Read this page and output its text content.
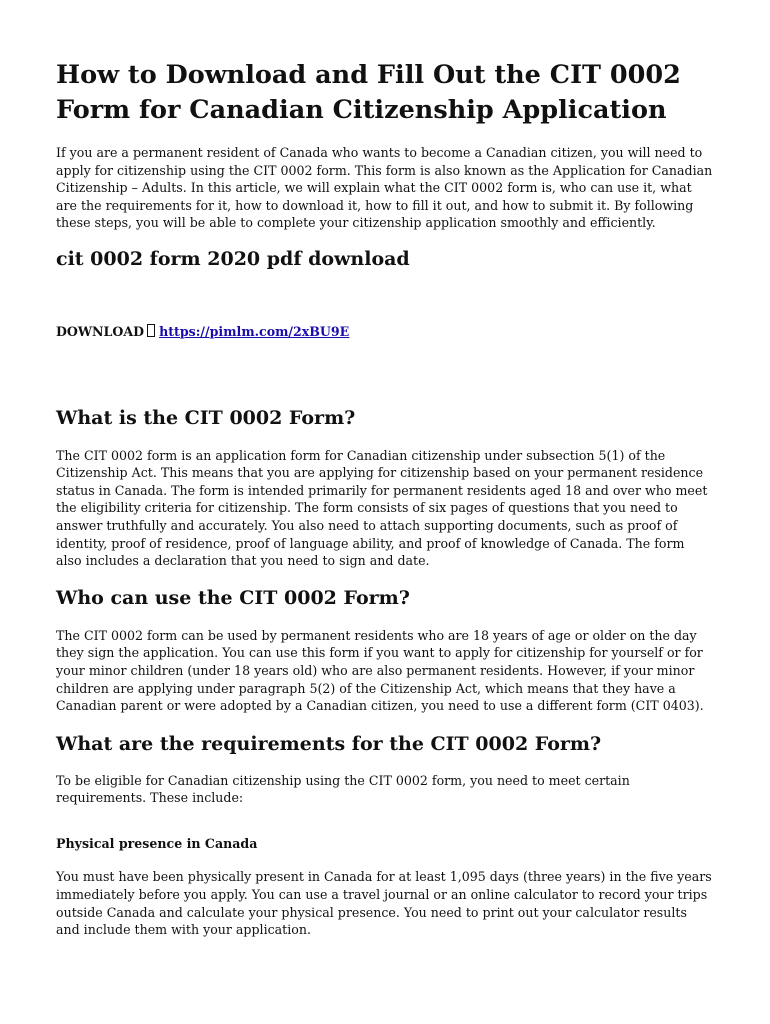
How to Download and Fill Out the CIT 0002 Form for Canadian Citizenship Application

If you are a permanent resident of Canada who wants to become a Canadian citizen, you will need to apply for citizenship using the CIT 0002 form. This form is also known as the Application for Canadian Citizenship – Adults. In this article, we will explain what the CIT 0002 form is, who can use it, what are the requirements for it, how to download it, how to fill it out, and how to submit it. By following these steps, you will be able to complete your citizenship application smoothly and efficiently.

cit 0002 form 2020 pdf download
DOWNLOAD https://pimlm.com/2xBU9E
What is the CIT 0002 Form?

The CIT 0002 form is an application form for Canadian citizenship under subsection 5(1) of the Citizenship Act. This means that you are applying for citizenship based on your permanent residence status in Canada. The form is intended primarily for permanent residents aged 18 and over who meet the eligibility criteria for citizenship. The form consists of six pages of questions that you need to answer truthfully and accurately. You also need to attach supporting documents, such as proof of identity, proof of residence, proof of language ability, and proof of knowledge of Canada. The form also includes a declaration that you need to sign and date.

Who can use the CIT 0002 Form?

The CIT 0002 form can be used by permanent residents who are 18 years of age or older on the day they sign the application. You can use this form if you want to apply for citizenship for yourself or for your minor children (under 18 years old) who are also permanent residents. However, if your minor children are applying under paragraph 5(2) of the Citizenship Act, which means that they have a Canadian parent or were adopted by a Canadian citizen, you need to use a different form (CIT 0403).

What are the requirements for the CIT 0002 Form?

To be eligible for Canadian citizenship using the CIT 0002 form, you need to meet certain requirements. These include:

Physical presence in Canada

You must have been physically present in Canada for at least 1,095 days (three years) in the five years immediately before you apply. You can use a travel journal or an online calculator to record your trips outside Canada and calculate your physical presence. You need to print out your calculator results and include them with your application.
